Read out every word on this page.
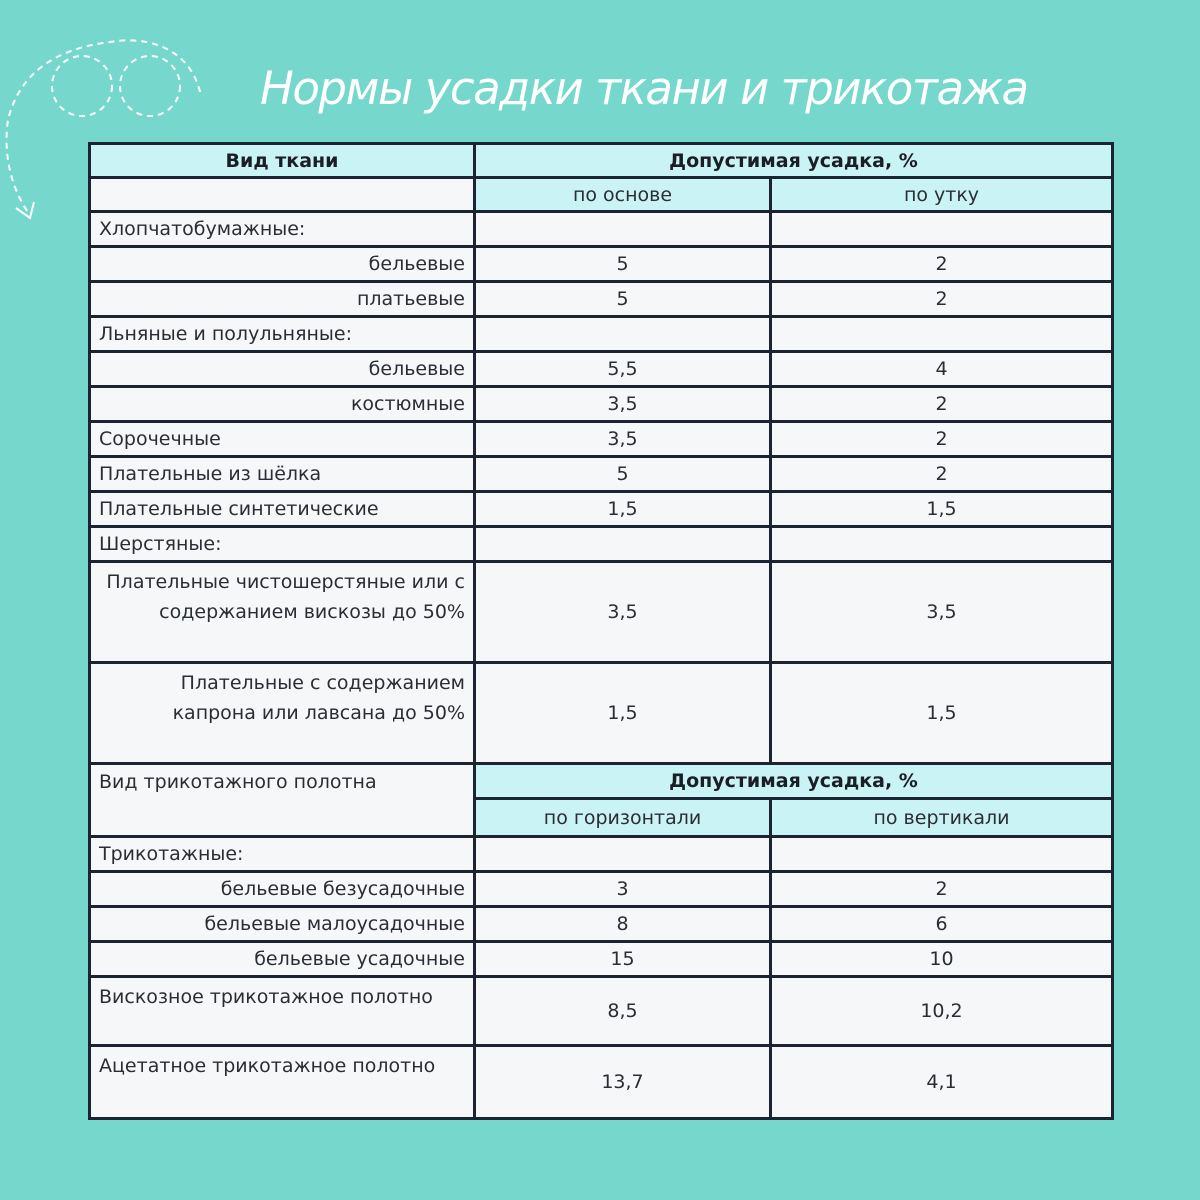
Нормы усадки ткани и трикотажа
Вид ткани	Допустимая усадка, %	
	по основе	по утку
Хлопчатобумажные:		
бельевые	5	2
платьевые	5	2
Льняные и полульняные:		
бельевые	5,5	4
костюмные	3,5	2
Сорочечные	3,5	2
Плательные из шёлка	5	2
Плательные синтетические	1,5	1,5
Шерстяные:		
Плательные чистошерстяные или с содержанием вискозы до 50%	3,5	3,5
Плательные с содержанием капрона или лавсана до 50%	1,5	1,5
Вид трикотажного полотна	Допустимая усадка, %	
	по горизонтали	по вертикали
Трикотажные:		
бельевые безусадочные	3	2
бельевые малоусадочные	8	6
бельевые усадочные	15	10
Вискозное трикотажное полотно	8,5	10,2
Ацетатное трикотажное полотно	13,7	4,1
